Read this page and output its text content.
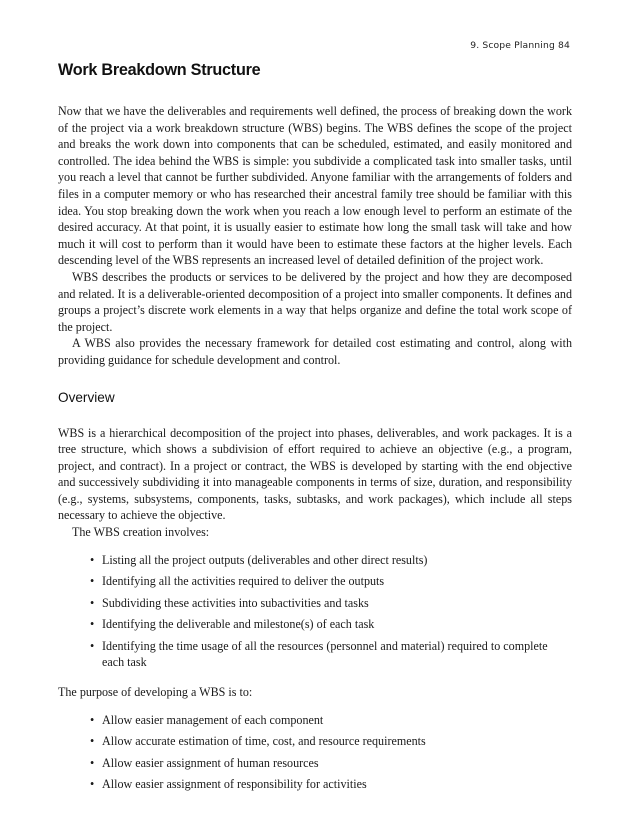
9. Scope Planning 84
Work Breakdown Structure

Now that we have the deliverables and requirements well defined, the process of breaking down the work of the project via a work breakdown structure (WBS) begins. The WBS defines the scope of the project and breaks the work down into components that can be scheduled, estimated, and easily monitored and controlled. The idea behind the WBS is simple: you subdivide a complicated task into smaller tasks, until you reach a level that cannot be further subdivided. Anyone familiar with the arrangements of folders and files in a computer memory or who has researched their ancestral family tree should be familiar with this idea. You stop breaking down the work when you reach a low enough level to perform an estimate of the desired accuracy. At that point, it is usually easier to estimate how long the small task will take and how much it will cost to perform than it would have been to estimate these factors at the higher levels. Each descending level of the WBS represents an increased level of detailed definition of the project work.

WBS describes the products or services to be delivered by the project and how they are decomposed and related. It is a deliverable-oriented decomposition of a project into smaller components. It defines and groups a project’s discrete work elements in a way that helps organize and define the total work scope of the project.

A WBS also provides the necessary framework for detailed cost estimating and control, along with providing guidance for schedule development and control.

Overview

WBS is a hierarchical decomposition of the project into phases, deliverables, and work packages. It is a tree structure, which shows a subdivision of effort required to achieve an objective (e.g., a program, project, and contract). In a project or contract, the WBS is developed by starting with the end objective and successively subdividing it into manageable components in terms of size, duration, and responsibility (e.g., systems, subsystems, components, tasks, subtasks, and work packages), which include all steps necessary to achieve the objective.

The WBS creation involves:

• Listing all the project outputs (deliverables and other direct results)
• Identifying all the activities required to deliver the outputs
• Subdividing these activities into subactivities and tasks
• Identifying the deliverable and milestone(s) of each task
• Identifying the time usage of all the resources (personnel and material) required to complete each task

The purpose of developing a WBS is to:

• Allow easier management of each component
• Allow accurate estimation of time, cost, and resource requirements
• Allow easier assignment of human resources
• Allow easier assignment of responsibility for activities
